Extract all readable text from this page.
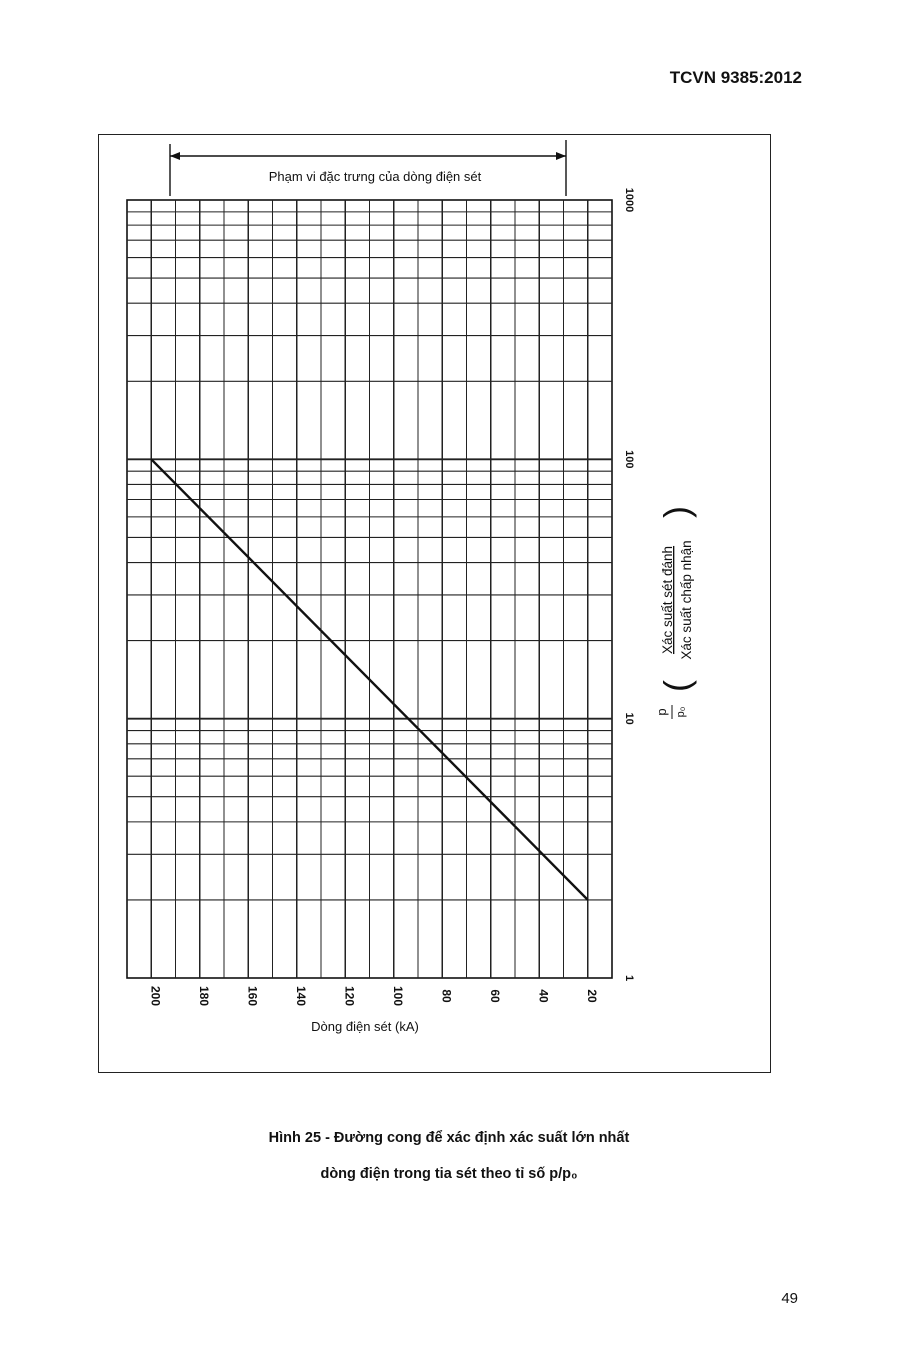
TCVN 9385:2012
200	180	160	140	120	100	80	60	40	20
1
10
100
1000
Phạm vi đặc trưng của dòng điện sét
Dòng điện sét (kA)
p p₀
(
)
Xác suất sét đánh Xác suất chấp nhận
Hình 25 - Đường cong để xác định xác suất lớn nhất
dòng điện trong tia sét theo tỉ số p/p₀
49
